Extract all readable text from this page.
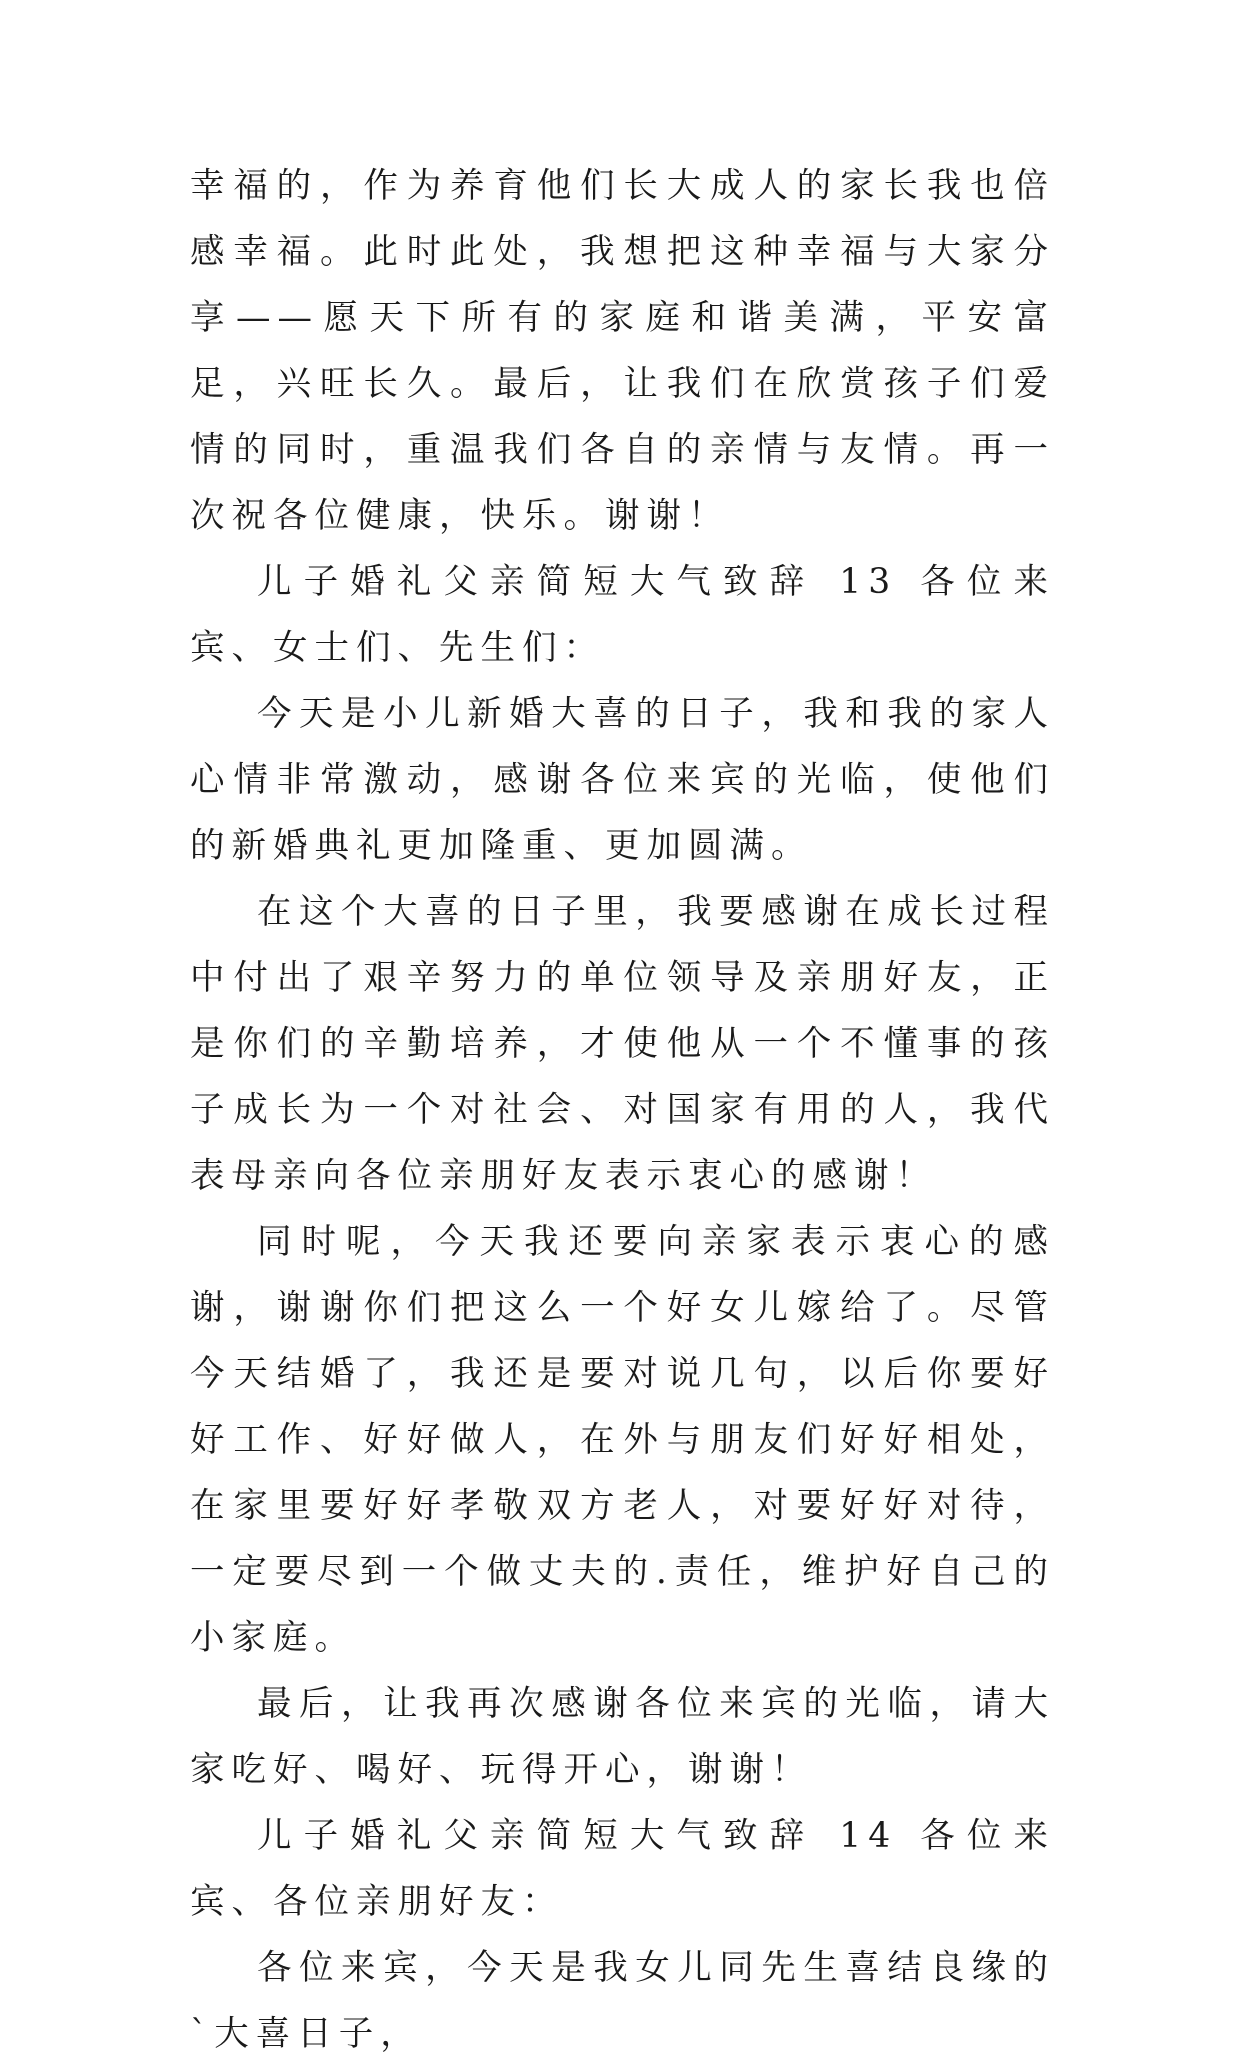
幸福的，作为养育他们长大成人的家长我也倍感幸福。此时此处，我想把这种幸福与大家分享——愿天下所有的家庭和谐美满，平安富足，兴旺长久。最后，让我们在欣赏孩子们爱情的同时，重温我们各自的亲情与友情。再一次祝各位健康，快乐。谢谢！

儿子婚礼父亲简短大气致辞 13 各位来宾、女士们、先生们：

今天是小儿新婚大喜的日子，我和我的家人心情非常激动，感谢各位来宾的光临，使他们的新婚典礼更加隆重、更加圆满。

在这个大喜的日子里，我要感谢在成长过程中付出了艰辛努力的单位领导及亲朋好友，正是你们的辛勤培养，才使他从一个不懂事的孩子成长为一个对社会、对国家有用的人，我代表母亲向各位亲朋好友表示衷心的感谢！

同时呢，今天我还要向亲家表示衷心的感谢，谢谢你们把这么一个好女儿嫁给了。尽管今天结婚了，我还是要对说几句，以后你要好好工作、好好做人，在外与朋友们好好相处，在家里要好好孝敬双方老人，对要好好对待，一定要尽到一个做丈夫的.责任，维护好自己的小家庭。

最后，让我再次感谢各位来宾的光临，请大家吃好、喝好、玩得开心，谢谢！

儿子婚礼父亲简短大气致辞 14 各位来宾、各位亲朋好友：

各位来宾，今天是我女儿同先生喜结良缘的`大喜日子，
